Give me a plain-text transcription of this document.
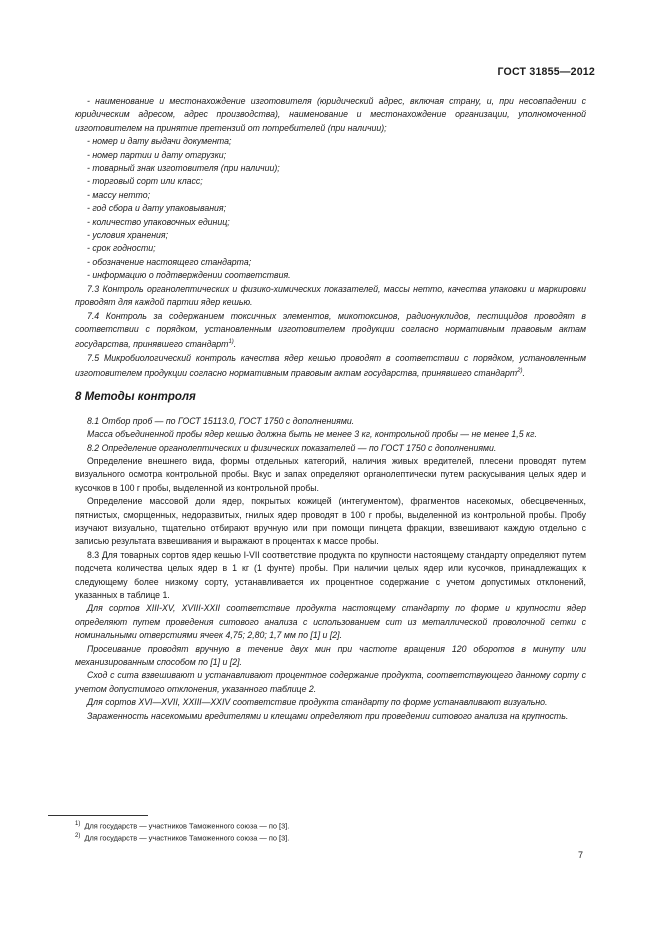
ГОСТ 31855—2012

- наименование и местонахождение изготовителя (юридический адрес, включая страну, и, при несовпадении с юридическим адресом, адрес производства), наименование и местонахождение организации, уполномоченной изготовителем на принятие претензий от потребителей (при наличии);

- номер и дату выдачи документа;

- номер партии и дату отгрузки;

- товарный знак изготовителя (при наличии);

- торговый сорт или класс;

- массу нетто;

- год сбора и дату упаковывания;

- количество упаковочных единиц;

- условия хранения;

- срок годности;

- обозначение настоящего стандарта;

- информацию о подтверждении соответствия.

7.3 Контроль органолептических и физико-химических показателей, массы нетто, качества упаковки и маркировки проводят для каждой партии ядер кешью.

7.4 Контроль за содержанием токсичных элементов, микотоксинов, радионуклидов, пестицидов проводят в соответствии с порядком, установленным изготовителем продукции согласно нормативным правовым актам государства, принявшего стандарт$^{1)}$.

7.5 Микробиологический контроль качества ядер кешью проводят в соответствии с порядком, установленным изготовителем продукции согласно нормативным правовым актам государства, принявшего стандарт$^{2)}$.

8 Методы контроля

8.1 Отбор проб — по ГОСТ 15113.0, ГОСТ 1750 с дополнениями.

Масса объединенной пробы ядер кешью должна быть не менее 3 кг, контрольной пробы — не менее 1,5 кг.

8.2 Определение органолептических и физических показателей — по ГОСТ 1750 с дополнениями.

Определение внешнего вида, формы отдельных категорий, наличия живых вредителей, плесени проводят путем визуального осмотра контрольной пробы. Вкус и запах определяют органолептически путем раскусывания целых ядер и кусочков в 100 г пробы, выделенной из контрольной пробы.

Определение массовой доли ядер, покрытых кожицей (интегументом), фрагментов насекомых, обесцвеченных, пятнистых, сморщенных, недоразвитых, гнилых ядер проводят в 100 г пробы, выделенной из контрольной пробы. Пробу изучают визуально, тщательно отбирают вручную или при помощи пинцета фракции, взвешивают каждую отдельно с записью результата взвешивания и выражают в процентах к массе пробы.

8.3 Для товарных сортов ядер кешью I-VII соответствие продукта по крупности настоящему стандарту определяют путем подсчета количества целых ядер в 1 кг (1 фунте) пробы. При наличии целых ядер или кусочков, принадлежащих к следующему более низкому сорту, устанавливается их процентное содержание с учетом допустимых отклонений, указанных в таблице 1.

Для сортов XIII-XV, XVIII-XXII соответствие продукта настоящему стандарту по форме и крупности ядер определяют путем проведения ситового анализа с использованием сит из металлической проволочной сетки с номинальными отверстиями ячеек 4,75; 2,80; 1,7 мм по [1] и [2].

Просеивание проводят вручную в течение двух мин при частоте вращения 120 оборотов в минуту или механизированным способом по [1] и [2].

Сход с сита взвешивают и устанавливают процентное содержание продукта, соответствующего данному сорту с учетом допустимого отклонения, указанного таблице 2.

Для сортов XVI—XVII, XXIII—XXIV соответствие продукта стандарту по форме устанавливают визуально.

Зараженность насекомыми вредителями и клещами определяют при проведении ситового анализа на крупность.

$^{1)}$ Для государств — участников Таможенного союза — по [3].
$^{2)}$ Для государств — участников Таможенного союза — по [3].
7
